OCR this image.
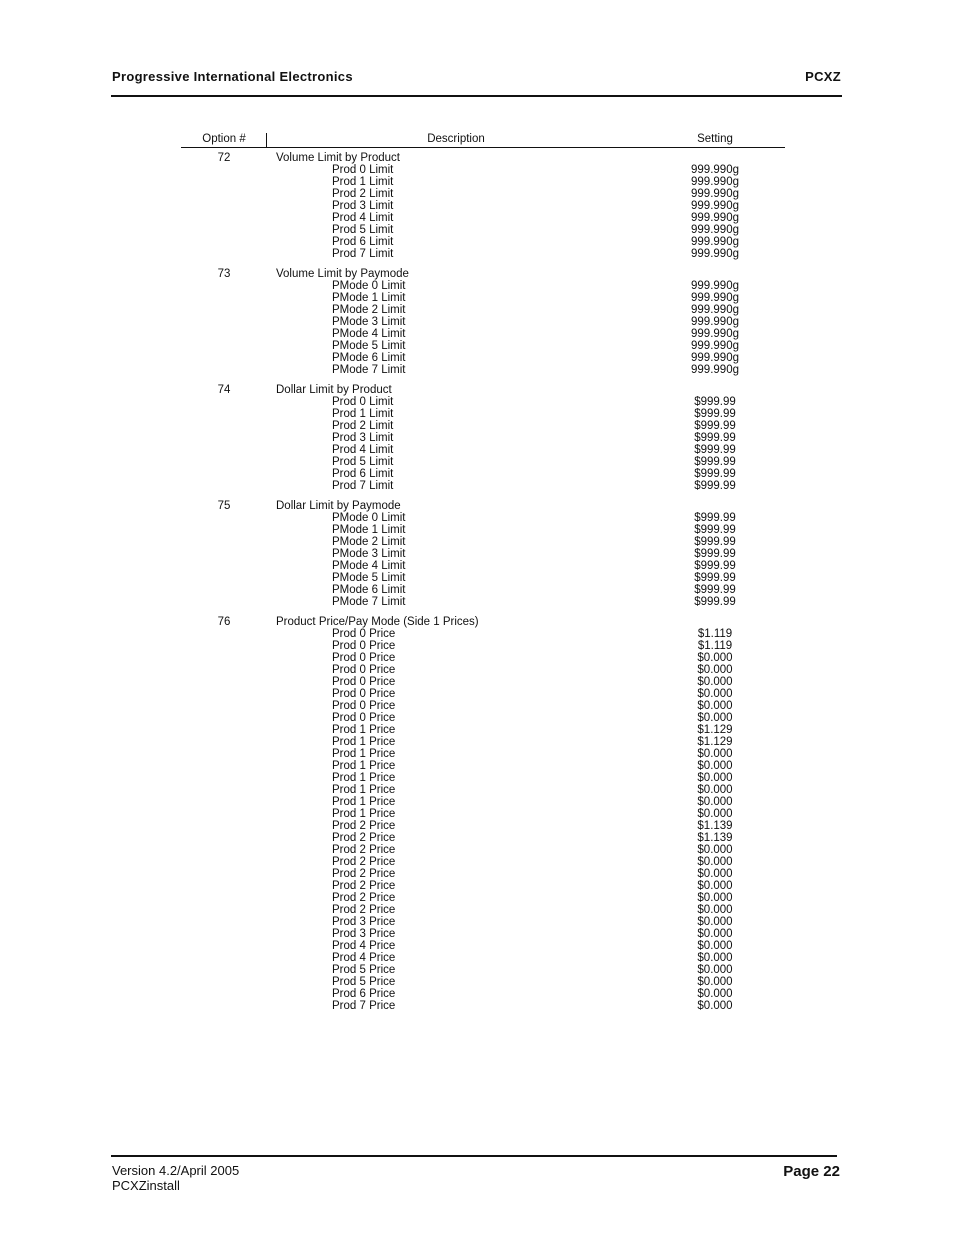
Progressive International Electronics	PCXZ
Option #	Description	Setting
72	Volume Limit by Product
Prod 0 Limit	999.990g
Prod 1 Limit	999.990g
Prod 2 Limit	999.990g
Prod 3 Limit	999.990g
Prod 4 Limit	999.990g
Prod 5 Limit	999.990g
Prod 6 Limit	999.990g
Prod 7 Limit	999.990g
73	Volume Limit by Paymode
PMode 0 Limit	999.990g
PMode 1 Limit	999.990g
PMode 2 Limit	999.990g
PMode 3 Limit	999.990g
PMode 4 Limit	999.990g
PMode 5 Limit	999.990g
PMode 6 Limit	999.990g
PMode 7 Limit	999.990g
74	Dollar Limit by Product
Prod 0 Limit	$999.99
Prod 1 Limit	$999.99
Prod 2 Limit	$999.99
Prod 3 Limit	$999.99
Prod 4 Limit	$999.99
Prod 5 Limit	$999.99
Prod 6 Limit	$999.99
Prod 7 Limit	$999.99
75	Dollar Limit by Paymode
PMode 0 Limit	$999.99
PMode 1 Limit	$999.99
PMode 2 Limit	$999.99
PMode 3 Limit	$999.99
PMode 4 Limit	$999.99
PMode 5 Limit	$999.99
PMode 6 Limit	$999.99
PMode 7 Limit	$999.99
76	Product Price/Pay Mode (Side 1 Prices)
Prod 0 Price	$1.119
Prod 0 Price	$1.119
Prod 0 Price	$0.000
Prod 0 Price	$0.000
Prod 0 Price	$0.000
Prod 0 Price	$0.000
Prod 0 Price	$0.000
Prod 0 Price	$0.000
Prod 1 Price	$1.129
Prod 1 Price	$1.129
Prod 1 Price	$0.000
Prod 1 Price	$0.000
Prod 1 Price	$0.000
Prod 1 Price	$0.000
Prod 1 Price	$0.000
Prod 1 Price	$0.000
Prod 2 Price	$1.139
Prod 2 Price	$1.139
Prod 2 Price	$0.000
Prod 2 Price	$0.000
Prod 2 Price	$0.000
Prod 2 Price	$0.000
Prod 2 Price	$0.000
Prod 2 Price	$0.000
Prod 3 Price	$0.000
Prod 3 Price	$0.000
Prod 4 Price	$0.000
Prod 4 Price	$0.000
Prod 5 Price	$0.000
Prod 5 Price	$0.000
Prod 6 Price	$0.000
Prod 7 Price	$0.000
Version 4.2/April 2005
PCXZinstall
Page 22
